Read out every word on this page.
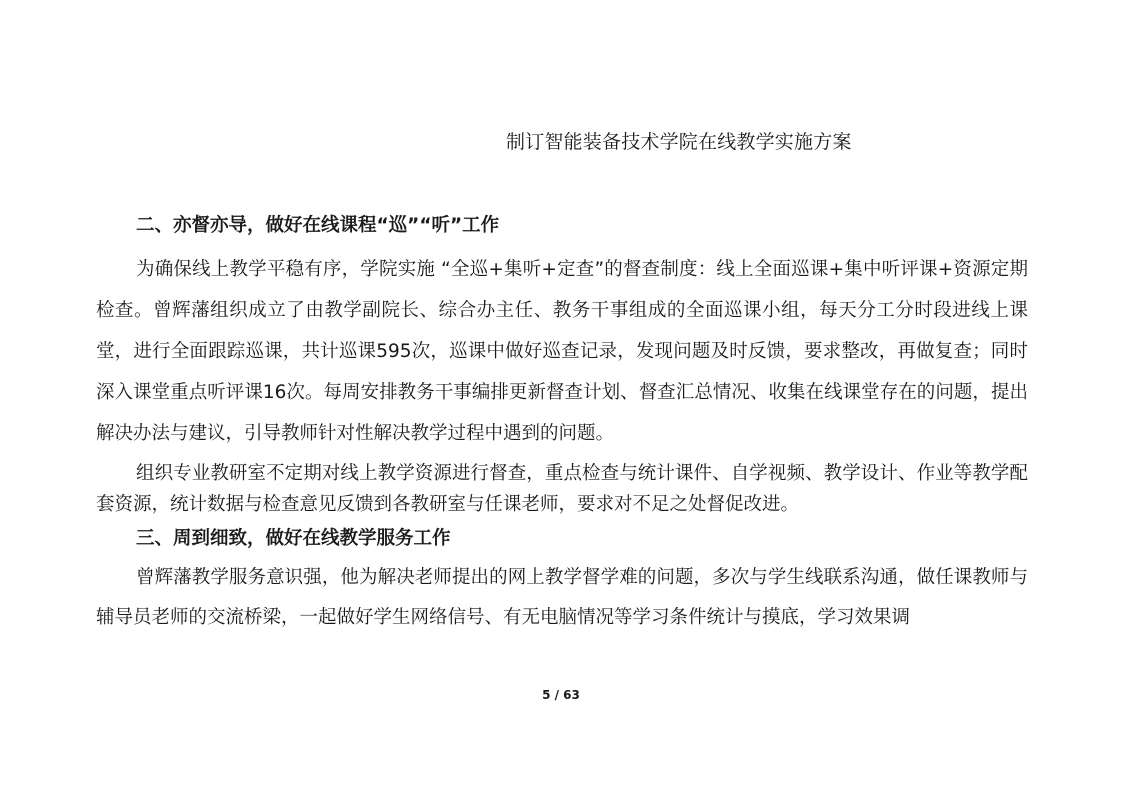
制订智能装备技术学院在线教学实施方案

二、亦督亦导，做好在线课程“巡”“听”工作

为确保线上教学平稳有序，学院实施 “全巡+集听+定查”的督查制度：线上全面巡课+集中听评课+资源定期检查。曾辉藩组织成立了由教学副院长、综合办主任、教务干事组成的全面巡课小组，每天分工分时段进线上课堂，进行全面跟踪巡课，共计巡课595次，巡课中做好巡查记录，发现问题及时反馈，要求整改，再做复查；同时深入课堂重点听评课16次。每周安排教务干事编排更新督查计划、督查汇总情况、收集在线课堂存在的问题，提出解决办法与建议，引导教师针对性解决教学过程中遇到的问题。

组织专业教研室不定期对线上教学资源进行督查，重点检查与统计课件、自学视频、教学设计、作业等教学配套资源，统计数据与检查意见反馈到各教研室与任课老师，要求对不足之处督促改进。

三、周到细致，做好在线教学服务工作

曾辉藩教学服务意识强，他为解决老师提出的网上教学督学难的问题，多次与学生线联系沟通，做任课教师与辅导员老师的交流桥梁，一起做好学生网络信号、有无电脑情况等学习条件统计与摸底，学习效果调

5 / 63
